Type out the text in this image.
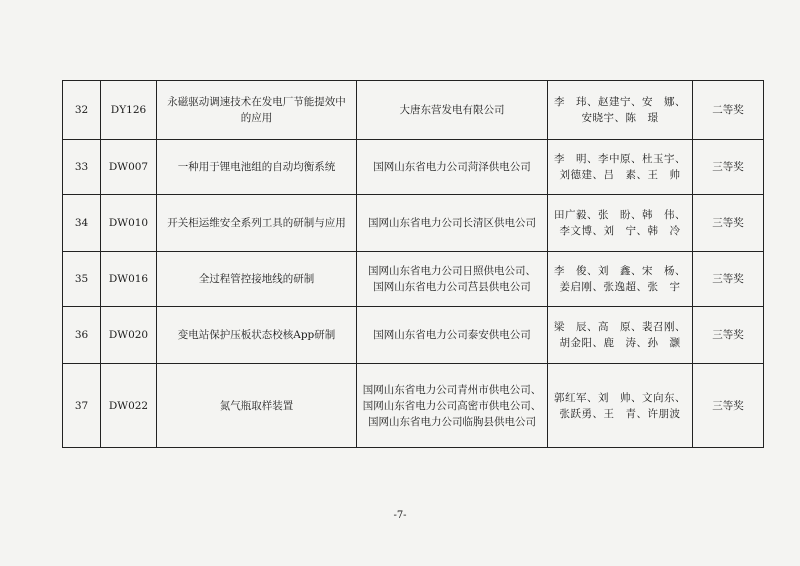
32	DY126	永磁驱动调速技术在发电厂节能提效中
的应用	大唐东营发电有限公司	李　玮、赵建宁、安　娜、
安晓宇、陈　璟	二等奖
33	DW007	一种用于锂电池组的自动均衡系统	国网山东省电力公司菏泽供电公司	李　明、李中原、杜玉宇、
刘德建、吕　素、王　帅	三等奖
34	DW010	开关柜运维安全系列工具的研制与应用	国网山东省电力公司长清区供电公司	田广毅、张　盼、韩　伟、
李文博、刘　宁、韩　冷	三等奖
35	DW016	全过程管控接地线的研制	国网山东省电力公司日照供电公司、
国网山东省电力公司莒县供电公司	李　俊、刘　鑫、宋　杨、
姜启刚、张逸超、张　宇	三等奖
36	DW020	变电站保护压板状态校核App研制	国网山东省电力公司泰安供电公司	梁　辰、高　原、裴召刚、
胡金阳、鹿　涛、孙　灏	三等奖
37	DW022	氮气瓶取样装置	国网山东省电力公司青州市供电公司、
国网山东省电力公司高密市供电公司、
国网山东省电力公司临朐县供电公司	郭红军、刘　帅、文向东、
张跃勇、王　青、许朋波	三等奖
-7-
